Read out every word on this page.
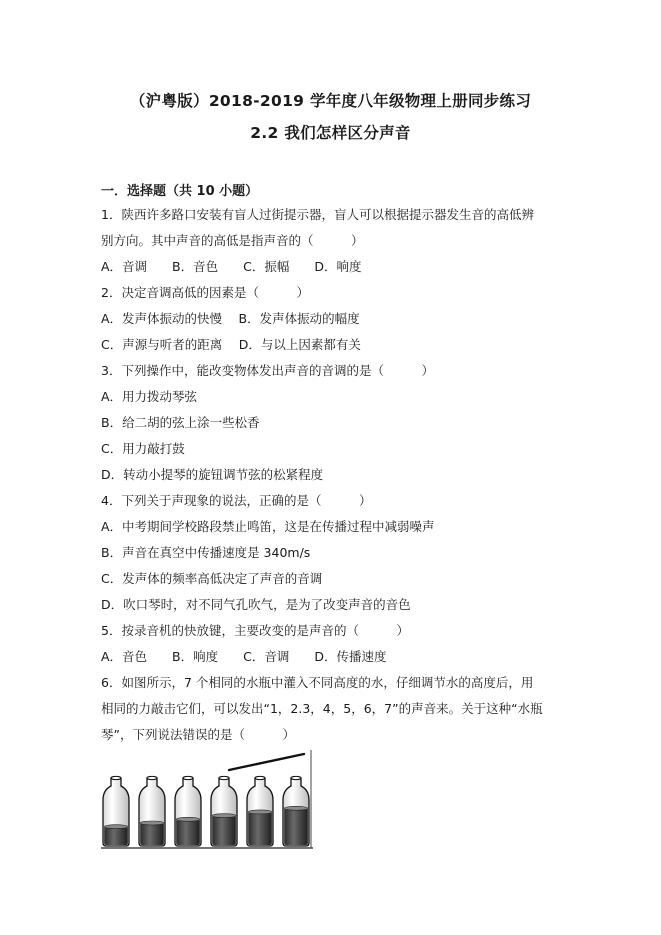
（沪粤版）2018-2019 学年度八年级物理上册同步练习
2.2 我们怎样区分声音
一．选择题（共 10 小题）
1．陕西许多路口安装有盲人过街提示器，盲人可以根据提示器发生音的高低辨
别方向。其中声音的高低是指声音的（　　　）
A．音调　　B．音色　　C．振幅　　D．响度
2．决定音调高低的因素是（　　　）
A．发声体振动的快慢　 B．发声体振动的幅度
C．声源与听者的距离　 D．与以上因素都有关
3．下列操作中，能改变物体发出声音的音调的是（　　　）
A．用力拨动琴弦
B．给二胡的弦上涂一些松香
C．用力敲打鼓
D．转动小提琴的旋钮调节弦的松紧程度
4．下列关于声现象的说法，正确的是（　　　）
A．中考期间学校路段禁止鸣笛，这是在传播过程中减弱噪声
B．声音在真空中传播速度是 340m/s
C．发声体的频率高低决定了声音的音调
D．吹口琴时，对不同气孔吹气，是为了改变声音的音色
5．按录音机的快放键，主要改变的是声音的（　　　）
A．音色　　B．响度　　C．音调　　D．传播速度
6．如图所示，7 个相同的水瓶中灌入不同高度的水，仔细调节水的高度后，用
相同的力敲击它们，可以发出“1，2.3，4，5，6，7”的声音来。关于这种“水瓶
琴”，下列说法错误的是（　　　）
